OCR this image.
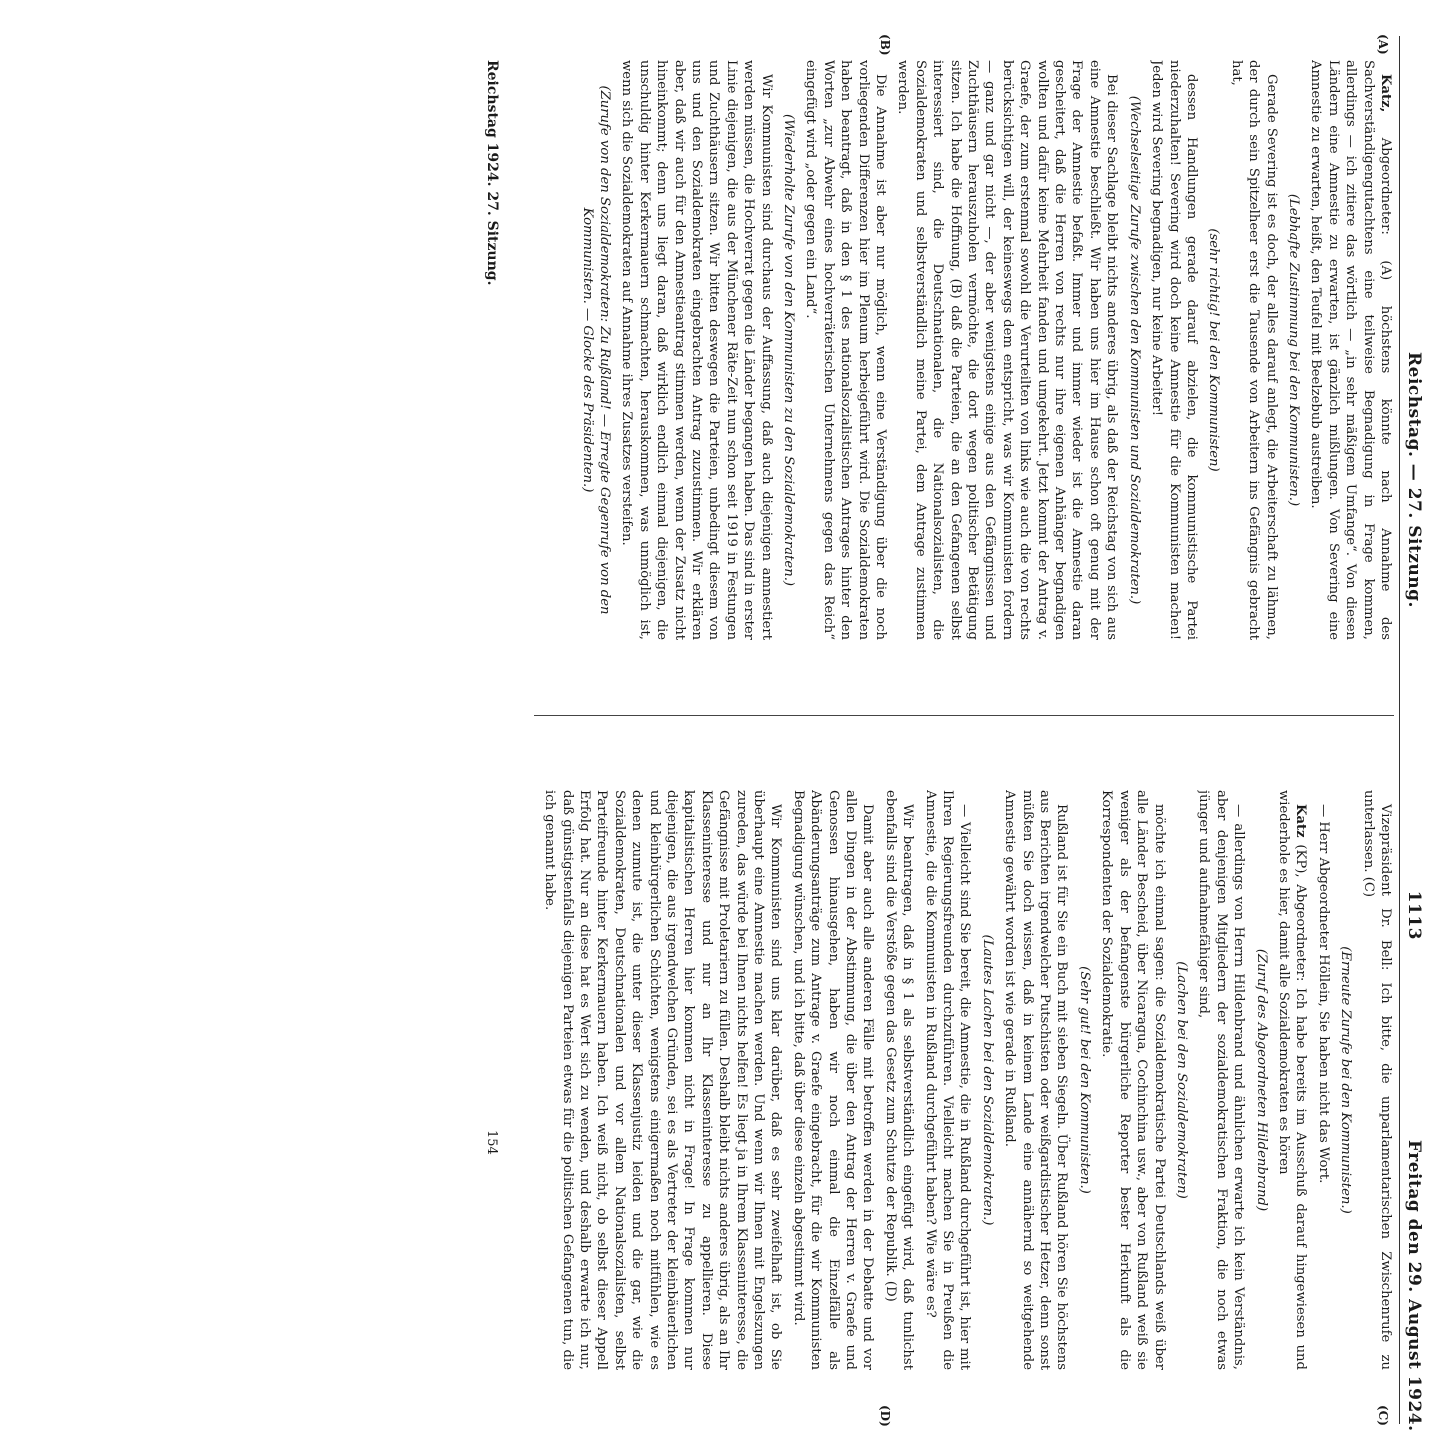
Reichstag. — 27. Sitzung.
Freitag den 29. August 1924.
1113
(A)
(B)
(C)
(D)

Katz, Abgeordneter: (A) höchstens könnte nach Annahme des Sachverständigengutachtens eine teilweise Begnadigung in Frage kommen, allerdings — ich zitiere das wörtlich — „in sehr mäßigem Umfange“. Von diesen Ländern eine Amnestie zu erwarten, ist gänzlich mißlungen. Von Severing eine Amnestie zu erwarten, heißt, den Teufel mit Beelzebub austreiben.

(Lebhafte Zustimmung bei den Kommunisten.)

Gerade Severing ist es doch, der alles darauf anlegt, die Arbeiterschaft zu lähmen, der durch sein Spitzelheer erst die Tausende von Arbeitern ins Gefängnis gebracht hat,

(sehr richtig! bei den Kommunisten)

dessen Handlungen gerade darauf abzielen, die kommunistische Partei niederzuhalten! Severing wird doch keine Amnestie für die Kommunisten machen! Jeden wird Severing begnadigen, nur keine Arbeiter!

(Wechselseitige Zurufe zwischen den Kommunisten und Sozialdemokraten.)

Bei dieser Sachlage bleibt nichts anderes übrig, als daß der Reichstag von sich aus eine Amnestie beschließt. Wir haben uns hier im Hause schon oft genug mit der Frage der Amnestie befaßt. Immer und immer wieder ist die Amnestie daran gescheitert, daß die Herren von rechts nur ihre eigenen Anhänger begnadigen wollten und dafür keine Mehrheit fanden und umgekehrt. Jetzt kommt der Antrag v. Graefe, der zum erstenmal sowohl die Verurteilten von links wie auch die von rechts berücksichtigen will, der keineswegs dem entspricht, was wir Kommunisten fordern — ganz und gar nicht —, der aber wenigstens einige aus den Gefängnissen und Zuchthäusern herauszuholen vermöchte, die dort wegen politischer Betätigung sitzen. Ich habe die Hoffnung, (B) daß die Parteien, die an den Gefangenen selbst interessiert sind, die Deutschnationalen, die Nationalsozialisten, die Sozialdemokraten und selbstverständlich meine Partei, dem Antrage zustimmen werden.

Die Annahme ist aber nur möglich, wenn eine Verständigung über die noch vorliegenden Differenzen hier im Plenum herbeigeführt wird. Die Sozialdemokraten haben beantragt, daß in den § 1 des nationalsozialistischen Antrages hinter den Worten „zur Abwehr eines hochverräterischen Unternehmens gegen das Reich“ eingefügt wird „oder gegen ein Land“.

(Wiederholte Zurufe von den Kommunisten zu den Sozialdemokraten.)

Wir Kommunisten sind durchaus der Auffassung, daß auch diejenigen amnestiert werden müssen, die Hochverrat gegen die Länder begangen haben. Das sind in erster Linie diejenigen, die aus der Münchener Räte-Zeit nun schon seit 1919 in Festungen und Zuchthäusern sitzen. Wir bitten deswegen die Parteien, unbedingt diesem von uns und den Sozialdemokraten eingebrachten Antrag zuzustimmen. Wir erklären aber, daß wir auch für den Amnestieantrag stimmen werden, wenn der Zusatz nicht hineinkommt; denn uns liegt daran, daß wirklich endlich einmal diejenigen, die unschuldig hinter Kerkermauern schmachten, herauskommen, was unmöglich ist, wenn sich die Sozialdemokraten auf Annahme ihres Zusatzes versteifen.

(Zurufe von den Sozialdemokraten: Zu Rußland! — Erregte Gegenrufe von den Kommunisten. — Glocke des Präsidenten.)

Vizepräsident Dr. Bell: Ich bitte, die unparlamentarischen Zwischenrufe zu unterlassen. (C)

(Erneute Zurufe bei den Kommunisten.)

— Herr Abgeordneter Höllein, Sie haben nicht das Wort.

Katz (KP), Abgeordneter: Ich habe bereits im Ausschuß darauf hingewiesen und wiederhole es hier, damit alle Sozialdemokraten es hören

(Zuruf des Abgeordneten Hildenbrand)

— allerdings von Herrn Hildenbrand und ähnlichen erwarte ich kein Verständnis, aber denjenigen Mitgliedern der sozialdemokratischen Fraktion, die noch etwas jünger und aufnahmefähiger sind,

(Lachen bei den Sozialdemokraten)

möchte ich einmal sagen: die Sozialdemokratische Partei Deutschlands weiß über alle Länder Bescheid, über Nicaragua, Cochinchina usw., aber von Rußland weiß sie weniger als der befangenste bürgerliche Reporter bester Herkunft als die Korrespondenten der Sozialdemokratie.

(Sehr gut! bei den Kommunisten.)

Rußland ist für Sie ein Buch mit sieben Siegeln. Über Rußland hören Sie höchstens aus Berichten irgendwelcher Putschisten oder weißgardistischer Hetzer, denn sonst müßten Sie doch wissen, daß in keinem Lande eine annähernd so weitgehende Amnestie gewährt worden ist wie gerade in Rußland.

(Lautes Lachen bei den Sozialdemokraten.)

— Vielleicht sind Sie bereit, die Amnestie, die in Rußland durchgeführt ist, hier mit Ihren Regierungsfreunden durchzuführen. Vielleicht machen Sie in Preußen die Amnestie, die die Kommunisten in Rußland durchgeführt haben? Wie wäre es?

Wir beantragen, daß in § 1 als selbstverständlich eingefügt wird, daß tunlichst ebenfalls sind die Verstöße gegen das Gesetz zum Schutze der Republik. (D)

Damit aber auch alle anderen Fälle mit betroffen werden in der Debatte und vor allen Dingen in der Abstimmung, die über den Antrag der Herren v. Graefe und Genossen hinausgehen, haben wir noch einmal die Einzelfälle als Abänderungsanträge zum Antrage v. Graefe eingebracht, für die wir Kommunisten Begnadigung wünschen, und ich bitte, daß über diese einzeln abgestimmt wird.

Wir Kommunisten sind uns klar darüber, daß es sehr zweifelhaft ist, ob Sie überhaupt eine Amnestie machen werden. Und wenn wir Ihnen mit Engelszungen zureden, das würde bei Ihnen nichts helfen! Es liegt ja in Ihrem Klasseninteresse, die Gefängnisse mit Proletariern zu füllen. Deshalb bleibt nichts anderes übrig, als an Ihr Klasseninteresse und nur an Ihr Klasseninteresse zu appellieren. Diese kapitalistischen Herren hier kommen nicht in Frage! In Frage kommen nur diejenigen, die aus irgendwelchen Gründen, sei es als Vertreter der kleinbäuerlichen und kleinbürgerlichen Schichten, wenigstens einigermaßen noch mitfühlen, wie es denen zumute ist, die unter dieser Klassenjustiz leiden und die gar, wie die Sozialdemokraten, Deutschnationalen und vor allem Nationalsozialisten, selbst Parteifreunde hinter Kerkermauern haben. Ich weiß nicht, ob selbst dieser Appell Erfolg hat. Nur an diese hat es Wert sich zu wenden, und deshalb erwarte ich nur, daß günstigstenfalls diejenigen Parteien etwas für die politischen Gefangenen tun, die ich genannt habe.

Reichstag 1924. 27. Sitzung.
154
